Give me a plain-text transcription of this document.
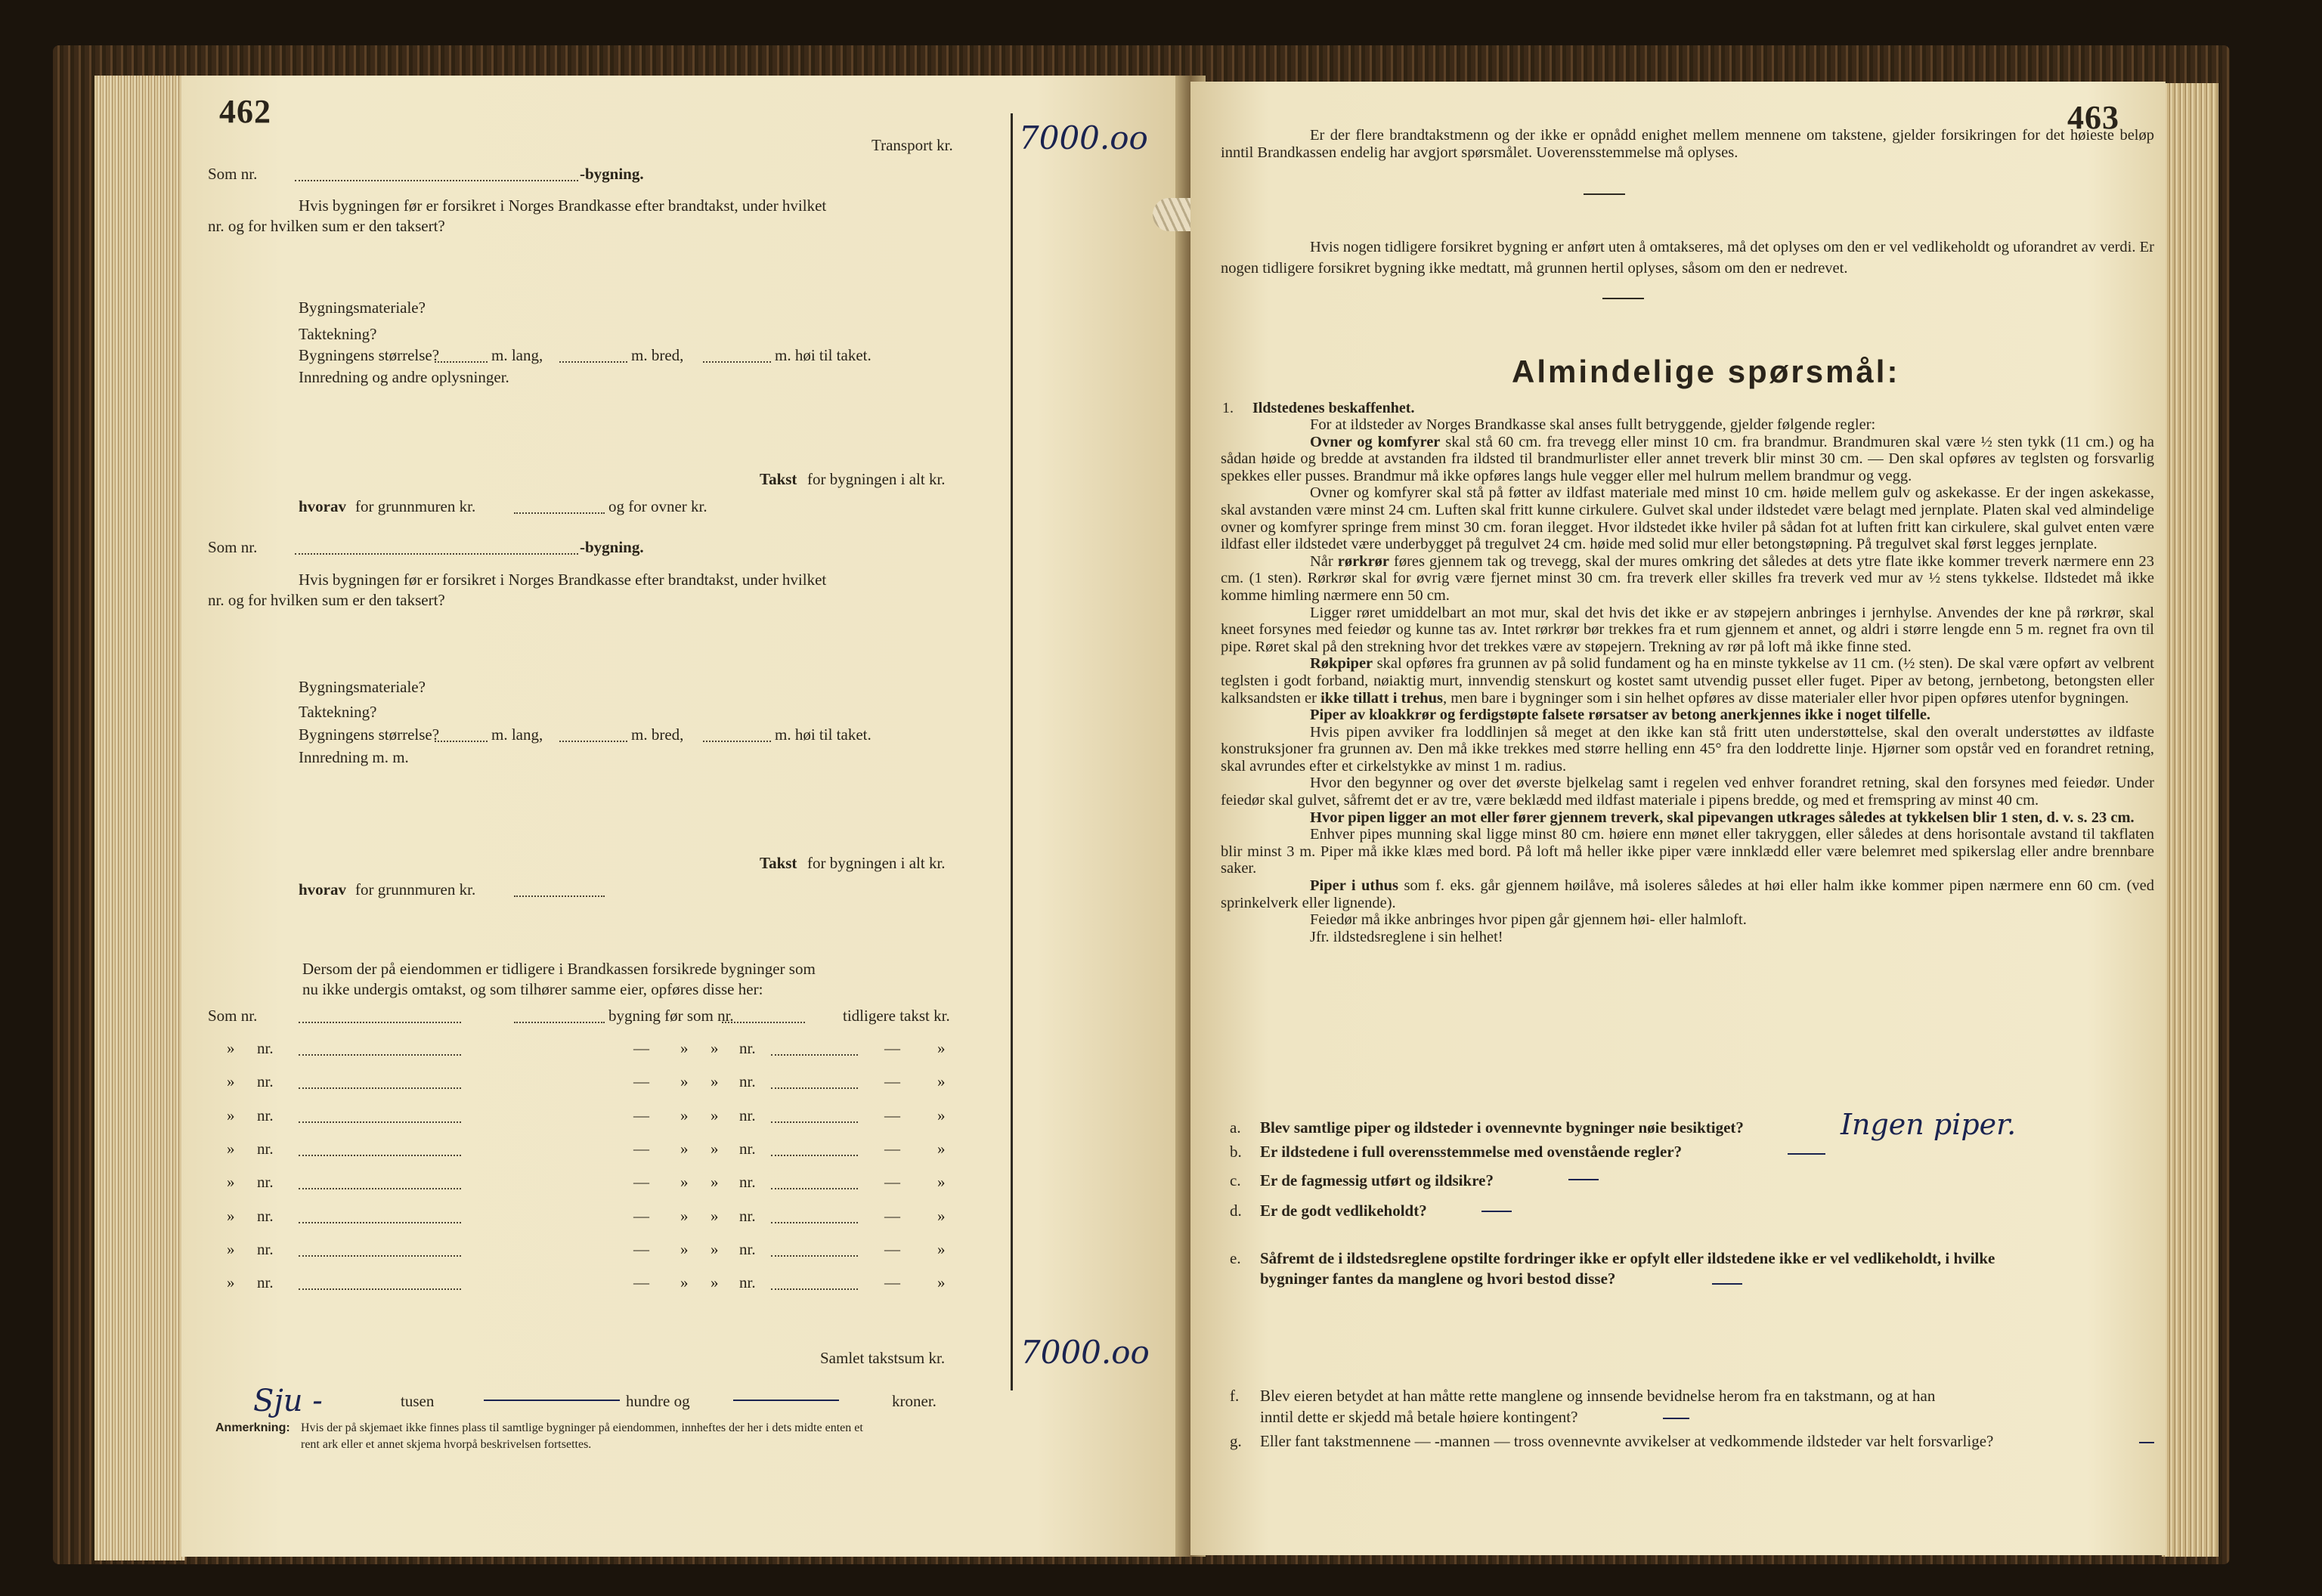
462
Transport kr. 7000.oo
Som nr.	-bygning.
Hvis bygningen før er forsikret i Norges Brandkasse efter brandtakst, under hvilket
nr. og for hvilken sum er den taksert?
Bygningsmateriale?
Taktekning?
Bygningens størrelse?	m. lang,	m. bred,	m. høi til taket.
Innredning og andre oplysninger.
Takst for bygningen i alt kr.
hvorav for grunnmuren kr.	og for ovner kr.
Som nr.	-bygning.
Hvis bygningen før er forsikret i Norges Brandkasse efter brandtakst, under hvilket
nr. og for hvilken sum er den taksert?
Bygningsmateriale?
Taktekning?
Bygningens størrelse?	m. lang,	m. bred,	m. høi til taket.
Innredning m. m.
Takst for bygningen i alt kr.
hvorav for grunnmuren kr.
Dersom der på eiendommen er tidligere i Brandkassen forsikrede bygninger som
nu ikke undergis omtakst, og som tilhører samme eier, opføres disse her:
Som nr.	bygning før som nr.	tidligere takst kr.
» nr.	— » » nr.	— »
» nr.	— » » nr.	— »
» nr.	— » » nr.	— »
» nr.	— » » nr.	— »
» nr.	— » » nr.	— »
» nr.	— » » nr.	— »
» nr.	— » » nr.	— »
» nr.	— » » nr.	— »
Samlet takstsum kr. 7000.oo
Sju -	tusen	hundre og	kroner.
Anmerkning: Hvis der på skjemaet ikke finnes plass til samtlige bygninger på eiendommen, innheftes der her i dets midte enten et
rent ark eller et annet skjema hvorpå beskrivelsen fortsettes.
463

Er der flere brandtakstmenn og der ikke er opnådd enighet mellem mennene om takstene, gjelder forsikringen for det høieste beløp inntil Brandkassen endelig har avgjort spørsmålet. Uoverensstemmelse må oplyses.

Hvis nogen tidligere forsikret bygning er anført uten å omtakseres, må det oplyses om den er vel vedlikeholdt og uforandret av verdi. Er nogen tidligere forsikret bygning ikke medtatt, må grunnen hertil oplyses, såsom om den er nedrevet.

Almindelige spørsmål:
1. Ildstedenes beskaffenhet.

For at ildsteder av Norges Brandkasse skal anses fullt betryggende, gjelder følgende regler:

Ovner og komfyrer skal stå 60 cm. fra trevegg eller minst 10 cm. fra brandmur. Brandmuren skal være ½ sten tykk (11 cm.) og ha sådan høide og bredde at avstanden fra ildsted til brandmurlister eller annet treverk blir minst 30 cm. — Den skal opføres av teglsten og forsvarlig spekkes eller pusses. Brandmur må ikke opføres langs hule vegger eller mel hulrum mellem brandmur og vegg.

Ovner og komfyrer skal stå på føtter av ildfast materiale med minst 10 cm. høide mellem gulv og askekasse. Er der ingen askekasse, skal avstanden være minst 24 cm. Luften skal fritt kunne cirkulere. Gulvet skal under ildstedet være belagt med jernplate. Platen skal ved almindelige ovner og komfyrer springe frem minst 30 cm. foran ilegget. Hvor ildstedet ikke hviler på sådan fot at luften fritt kan cirkulere, skal gulvet enten være ildfast eller ildstedet være underbygget på tregulvet 24 cm. høide med solid mur eller betongstøpning. På tregulvet skal først legges jernplate.

Når rørkrør føres gjennem tak og trevegg, skal der mures omkring det således at dets ytre flate ikke kommer treverk nærmere enn 23 cm. (1 sten). Rørkrør skal for øvrig være fjernet minst 30 cm. fra treverk eller skilles fra treverk ved mur av ½ stens tykkelse. Ildstedet må ikke komme himling nærmere enn 50 cm.

Ligger røret umiddelbart an mot mur, skal det hvis det ikke er av støpejern anbringes i jernhylse. Anvendes der kne på rørkrør, skal kneet forsynes med feiedør og kunne tas av. Intet rørkrør bør trekkes fra et rum gjennem et annet, og aldri i større lengde enn 5 m. regnet fra ovn til pipe. Røret skal på den strekning hvor det trekkes være av støpejern. Trekning av rør på loft må ikke finne sted.

Røkpiper skal opføres fra grunnen av på solid fundament og ha en minste tykkelse av 11 cm. (½ sten). De skal være opført av velbrent teglsten i godt forband, nøiaktig murt, innvendig stenskurt og kostet samt utvendig pusset eller fuget. Piper av betong, jernbetong, betongsten eller kalksandsten er ikke tillatt i trehus, men bare i bygninger som i sin helhet opføres av disse materialer eller hvor pipen opføres utenfor bygningen.

Piper av kloakkrør og ferdigstøpte falsete rørsatser av betong anerkjennes ikke i noget tilfelle.

Hvis pipen avviker fra loddlinjen så meget at den ikke kan stå fritt uten understøttelse, skal den overalt understøttes av ildfaste konstruksjoner fra grunnen av. Den må ikke trekkes med større helling enn 45° fra den loddrette linje. Hjørner som opstår ved en forandret retning, skal avrundes efter et cirkelstykke av minst 1 m. radius.

Hvor den begynner og over det øverste bjelkelag samt i regelen ved enhver forandret retning, skal den forsynes med feiedør. Under feiedør skal gulvet, såfremt det er av tre, være beklædd med ildfast materiale i pipens bredde, og med et fremspring av minst 40 cm.

Hvor pipen ligger an mot eller fører gjennem treverk, skal pipevangen utkrages således at tykkelsen blir 1 sten, d. v. s. 23 cm.

Enhver pipes munning skal ligge minst 80 cm. høiere enn mønet eller takryggen, eller således at dens horisontale avstand til takflaten blir minst 3 m. Piper må ikke klæs med bord. På loft må heller ikke piper være innklædd eller være belemret med spikerslag eller andre brennbare saker.

Piper i uthus som f. eks. går gjennem høilåve, må isoleres således at høi eller halm ikke kommer pipen nærmere enn 60 cm. (ved sprinkelverk eller lignende).

Feiedør må ikke anbringes hvor pipen går gjennem høi- eller halmloft.

Jfr. ildstedsreglene i sin helhet!

a. Blev samtlige piper og ildsteder i ovennevnte bygninger nøie besiktiget?	Ingen piper.
b. Er ildstedene i full overensstemmelse med ovenstående regler?
c. Er de fagmessig utført og ildsikre?
d. Er de godt vedlikeholdt?
e. Såfremt de i ildstedsreglene opstilte fordringer ikke er opfylt eller ildstedene ikke er vel vedlikeholdt, i hvilke
bygninger fantes da manglene og hvori bestod disse?
f. Blev eieren betydet at han måtte rette manglene og innsende bevidnelse herom fra en takstmann, og at han
inntil dette er skjedd må betale høiere kontingent?
g. Eller fant takstmennene — -mannen — tross ovennevnte avvikelser at vedkommende ildsteder var helt forsvarlige?
